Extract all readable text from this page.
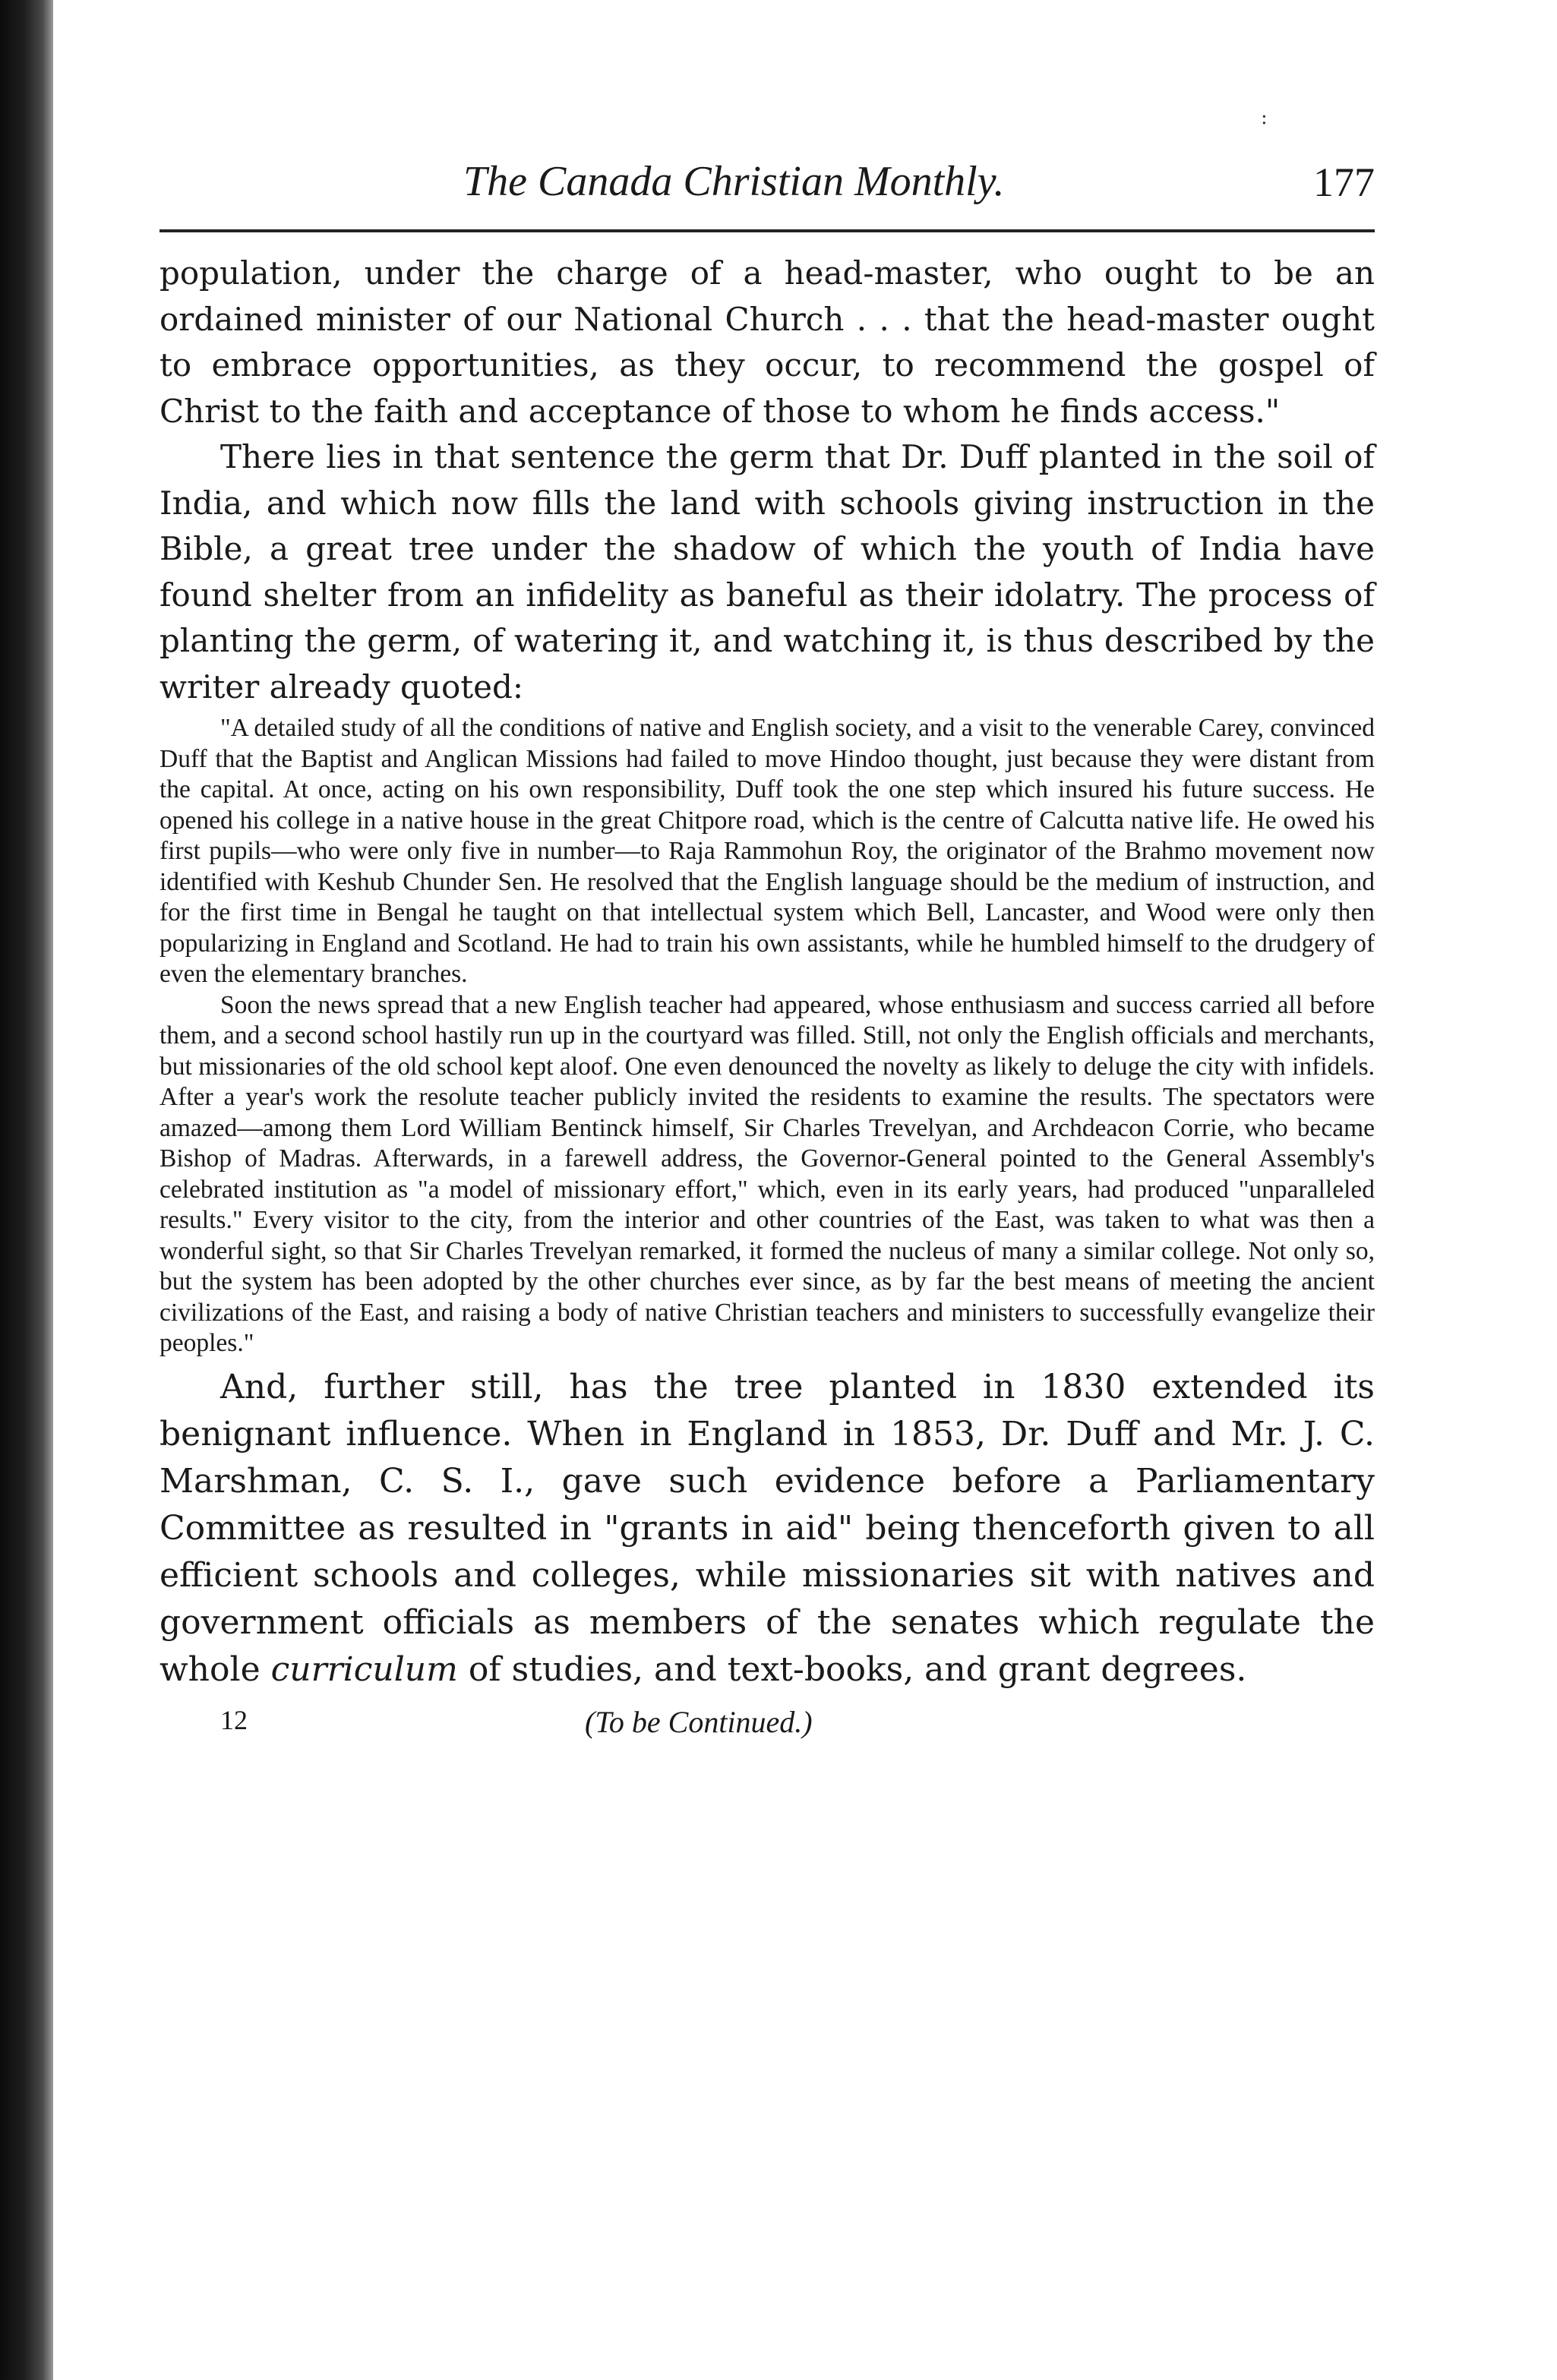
:
The Canada Christian Monthly.	177

population, under the charge of a head-master, who ought to be an ordained minister of our National Church . . . that the head-master ought to embrace opportunities, as they occur, to recommend the gospel of Christ to the faith and acceptance of those to whom he finds access."

There lies in that sentence the germ that Dr. Duff planted in the soil of India, and which now fills the land with schools giving instruction in the Bible, a great tree under the shadow of which the youth of India have found shelter from an infidelity as baneful as their idolatry. The process of planting the germ, of watering it, and watching it, is thus described by the writer already quoted:

"A detailed study of all the conditions of native and English society, and a visit to the venerable Carey, convinced Duff that the Baptist and Anglican Missions had failed to move Hindoo thought, just because they were distant from the capital. At once, acting on his own responsibility, Duff took the one step which insured his future success. He opened his college in a native house in the great Chitpore road, which is the centre of Calcutta native life. He owed his first pupils—who were only five in number—to Raja Rammohun Roy, the originator of the Brahmo movement now identified with Keshub Chunder Sen. He resolved that the English language should be the medium of instruction, and for the first time in Bengal he taught on that intellectual system which Bell, Lancaster, and Wood were only then popularizing in England and Scotland. He had to train his own assistants, while he humbled himself to the drudgery of even the elementary branches.

Soon the news spread that a new English teacher had appeared, whose enthusiasm and success carried all before them, and a second school hastily run up in the courtyard was filled. Still, not only the English officials and merchants, but missionaries of the old school kept aloof. One even denounced the novelty as likely to deluge the city with infidels. After a year's work the resolute teacher publicly invited the residents to examine the results. The spectators were amazed—among them Lord William Bentinck himself, Sir Charles Trevelyan, and Archdeacon Corrie, who became Bishop of Madras. Afterwards, in a farewell address, the Governor-General pointed to the General Assembly's celebrated institution as "a model of missionary effort," which, even in its early years, had produced "unparalleled results." Every visitor to the city, from the interior and other countries of the East, was taken to what was then a wonderful sight, so that Sir Charles Trevelyan remarked, it formed the nucleus of many a similar college. Not only so, but the system has been adopted by the other churches ever since, as by far the best means of meeting the ancient civilizations of the East, and raising a body of native Christian teachers and ministers to successfully evangelize their peoples."

And, further still, has the tree planted in 1830 extended its benignant influence. When in England in 1853, Dr. Duff and Mr. J. C. Marshman, C. S. I., gave such evidence before a Parliamentary Committee as resulted in "grants in aid" being thenceforth given to all efficient schools and colleges, while missionaries sit with natives and government officials as members of the senates which regulate the whole curriculum of studies, and text-books, and grant degrees.

12	(To be Continued.)
